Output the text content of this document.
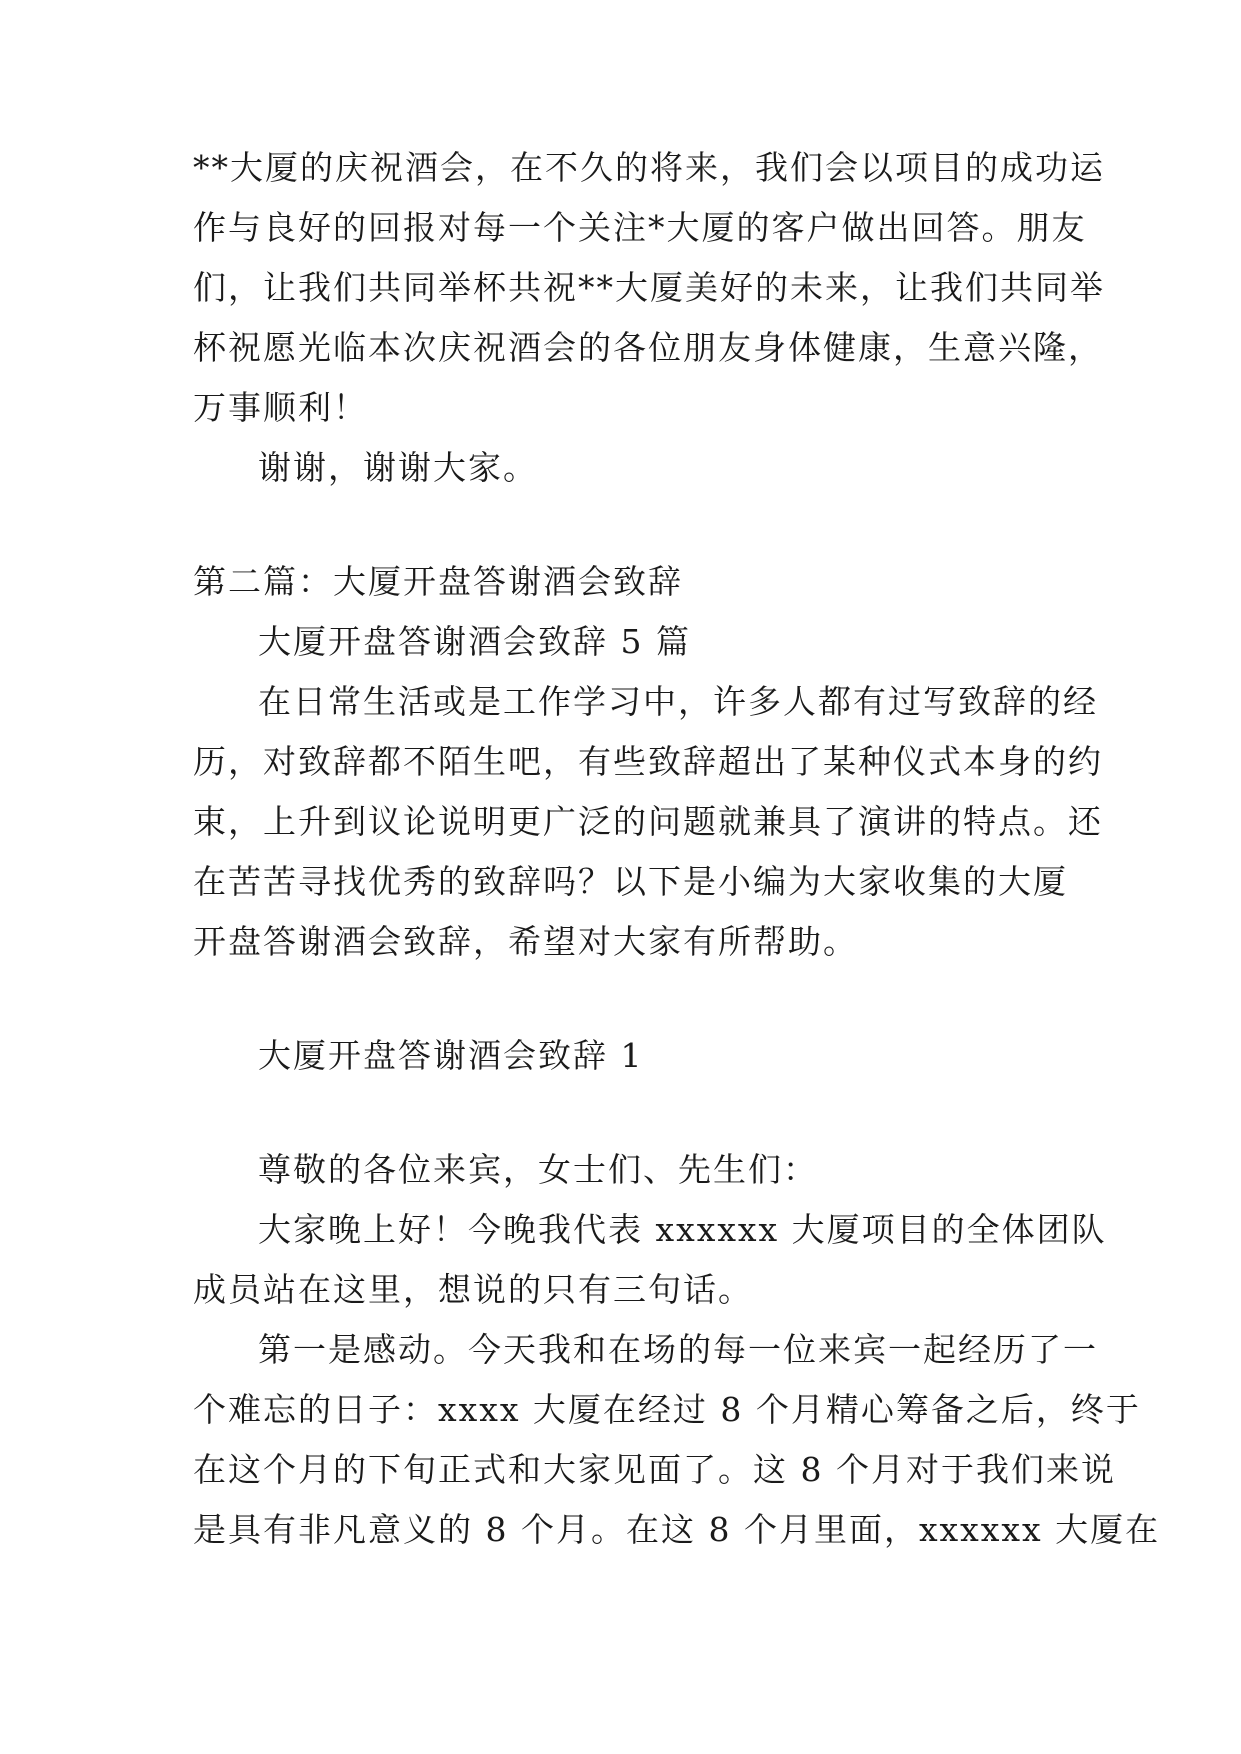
**大厦的庆祝酒会，在不久的将来，我们会以项目的成功运
作与良好的回报对每一个关注*大厦的客户做出回答。朋友
们，让我们共同举杯共祝**大厦美好的未来，让我们共同举
杯祝愿光临本次庆祝酒会的各位朋友身体健康，生意兴隆，
万事顺利！
谢谢，谢谢大家。
第二篇：大厦开盘答谢酒会致辞
大厦开盘答谢酒会致辞 5 篇
在日常生活或是工作学习中，许多人都有过写致辞的经
历，对致辞都不陌生吧，有些致辞超出了某种仪式本身的约
束，上升到议论说明更广泛的问题就兼具了演讲的特点。还
在苦苦寻找优秀的致辞吗？以下是小编为大家收集的大厦
开盘答谢酒会致辞，希望对大家有所帮助。
大厦开盘答谢酒会致辞 1
尊敬的各位来宾，女士们、先生们：
大家晚上好！今晚我代表 xxxxxx 大厦项目的全体团队
成员站在这里，想说的只有三句话。
第一是感动。今天我和在场的每一位来宾一起经历了一
个难忘的日子：xxxx 大厦在经过 8 个月精心筹备之后，终于
在这个月的下旬正式和大家见面了。这 8 个月对于我们来说
是具有非凡意义的 8 个月。在这 8 个月里面，xxxxxx 大厦在
